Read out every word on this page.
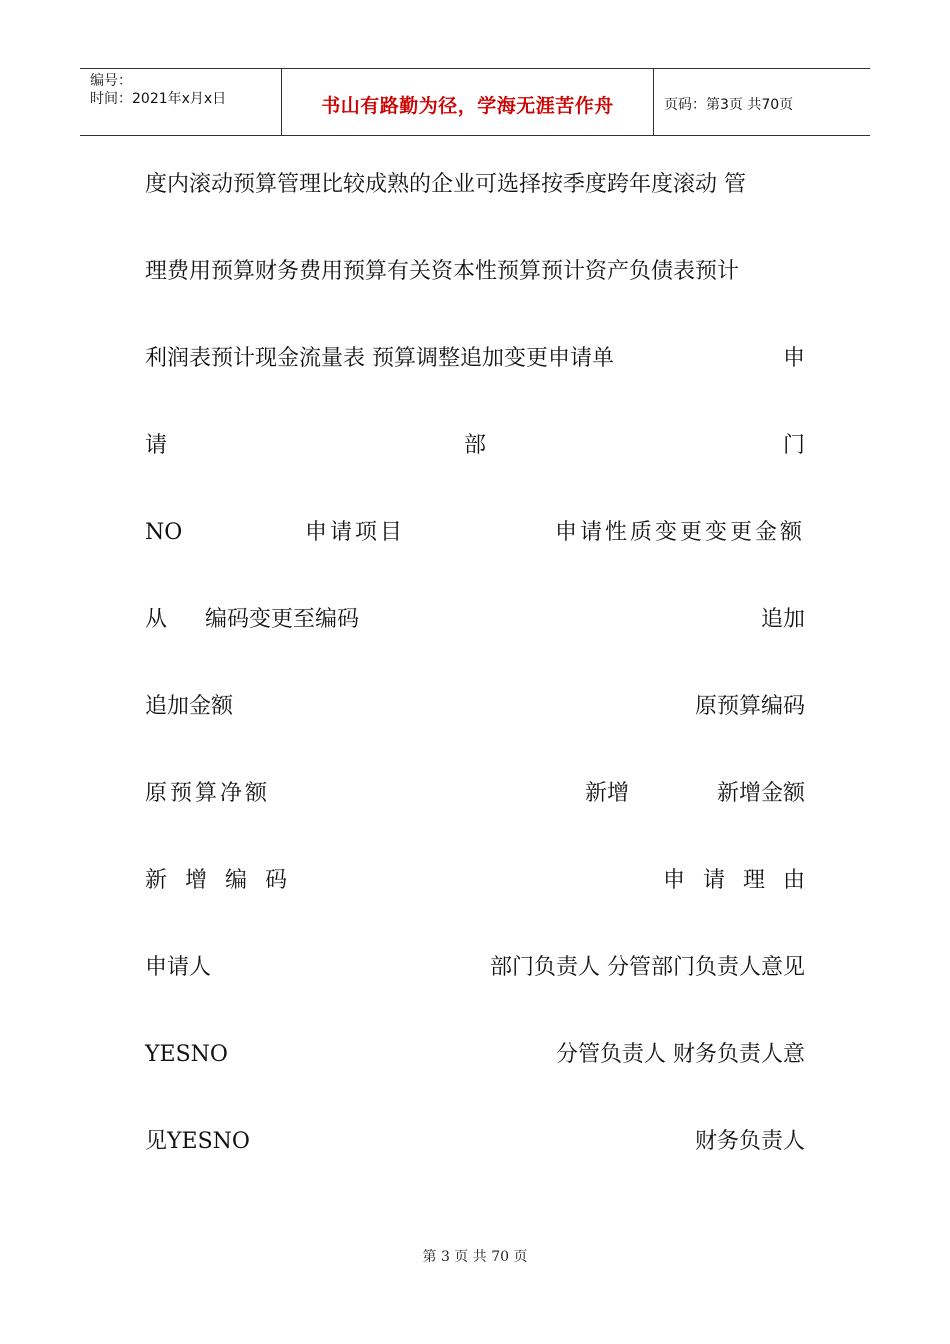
编号：
时间：2021年x月x日	书山有路勤为径，学海无涯苦作舟	页码：第3页 共70页
度内滚动预算管理比较成熟的企业可选择按季度跨年度滚动 管
理费用预算财务费用预算有关资本性预算预计资产负债表预计
利润表预计现金流量表 预算调整追加变更申请单	申
请	部	门
NO	申请项目	申请性质变更变更金额
从 编码变更至编码	追加
追加金额	原预算编码
原预算净额	新增	新增金额
新增编码	申请理由
申请人	部门负责人 分管部门负责人意见
YESNO	分管负责人 财务负责人意
见YESNO	财务负责人
第 3 页 共 70 页
